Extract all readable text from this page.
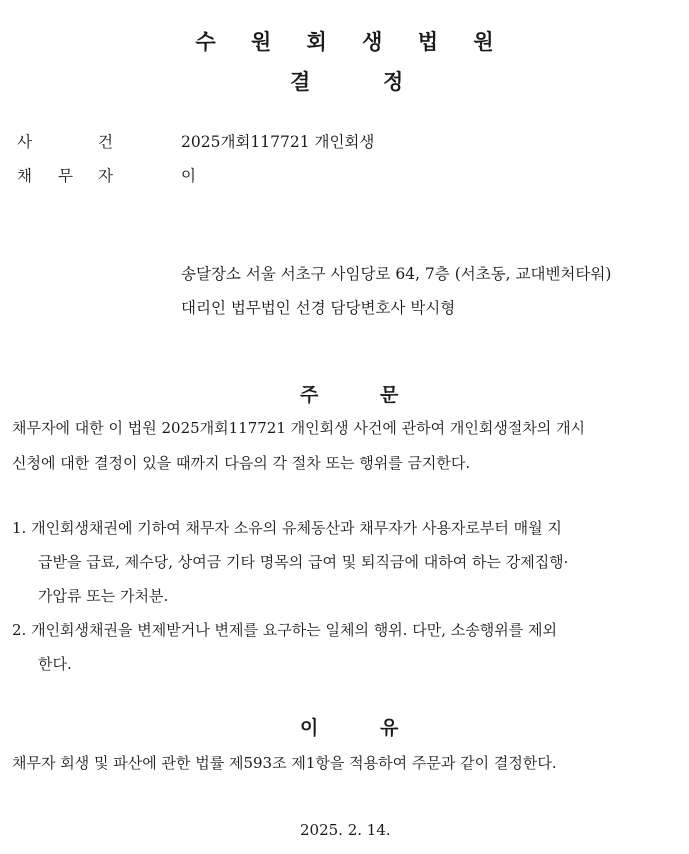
수 원 회 생 법 원
결	정
사	건	2025개회117721 개인회생
채 무 자	이
송달장소 서울 서초구 사임당로 64, 7층 (서초동, 교대벤처타워)
대리인 법무법인 선경 담당변호사 박시형
주	문
채무자에 대한 이 법원 2025개회117721 개인회생 사건에 관하여 개인회생절차의 개시
신청에 대한 결정이 있을 때까지 다음의 각 절차 또는 행위를 금지한다.
1. 개인회생채권에 기하여 채무자 소유의 유체동산과 채무자가 사용자로부터 매월 지
급받을 급료, 제수당, 상여금 기타 명목의 급여 및 퇴직금에 대하여 하는 강제집행·
가압류 또는 가처분.
2. 개인회생채권을 변제받거나 변제를 요구하는 일체의 행위. 다만, 소송행위를 제외
한다.
이	유
채무자 회생 및 파산에 관한 법률 제593조 제1항을 적용하여 주문과 같이 결정한다.
2025. 2. 14.
